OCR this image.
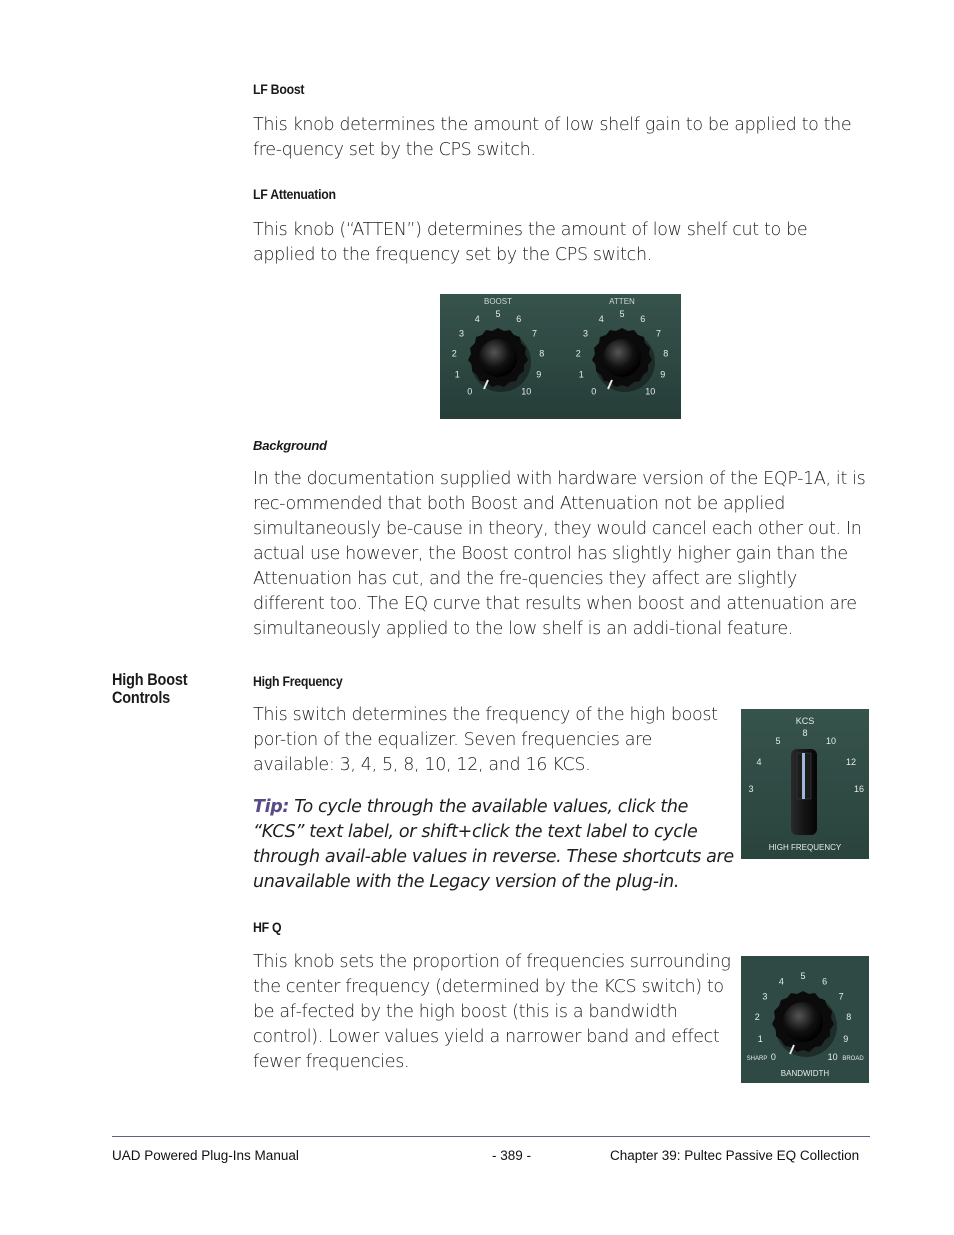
LF Boost
This knob determines the amount of low shelf gain to be applied to the fre-quency set by the CPS switch.
LF Attenuation
This knob (“ATTEN”) determines the amount of low shelf cut to be applied to the frequency set by the CPS switch.
BOOST	ATTEN
0
1
2
3
4
5
6
7
8
9
10	0
1
2
3
4
5
6
7
8
9
10
Background
In the documentation supplied with hardware version of the EQP-1A, it is rec-ommended that both Boost and Attenuation not be applied simultaneously be-cause in theory, they would cancel each other out. In actual use however, the Boost control has slightly higher gain than the Attenuation has cut, and the fre-quencies they affect are slightly different too. The EQ curve that results when boost and attenuation are simultaneously applied to the low shelf is an addi-tional feature.
High Boost
Controls
High Frequency
This switch determines the frequency of the high boost por-tion of the equalizer. Seven frequencies are available: 3, 4, 5, 8, 10, 12, and 16 KCS.
Tip: To cycle through the available values, click the “KCS” text label, or shift+click the text label to cycle through avail-able values in reverse. These shortcuts are unavailable with the Legacy version of the plug-in.
KCS
3
4
5
8
10
12
16
HIGH FREQUENCY
HF Q
This knob sets the proportion of frequencies surrounding the center frequency (determined by the KCS switch) to be af-fected by the high boost (this is a bandwidth control). Lower values yield a narrower band and effect fewer frequencies.	0
1
2
3
4
5
6
7
8
9
10
SHARP	BROAD
BANDWIDTH
UAD Powered Plug-Ins Manual	- 389 -	Chapter 39: Pultec Passive EQ Collection
